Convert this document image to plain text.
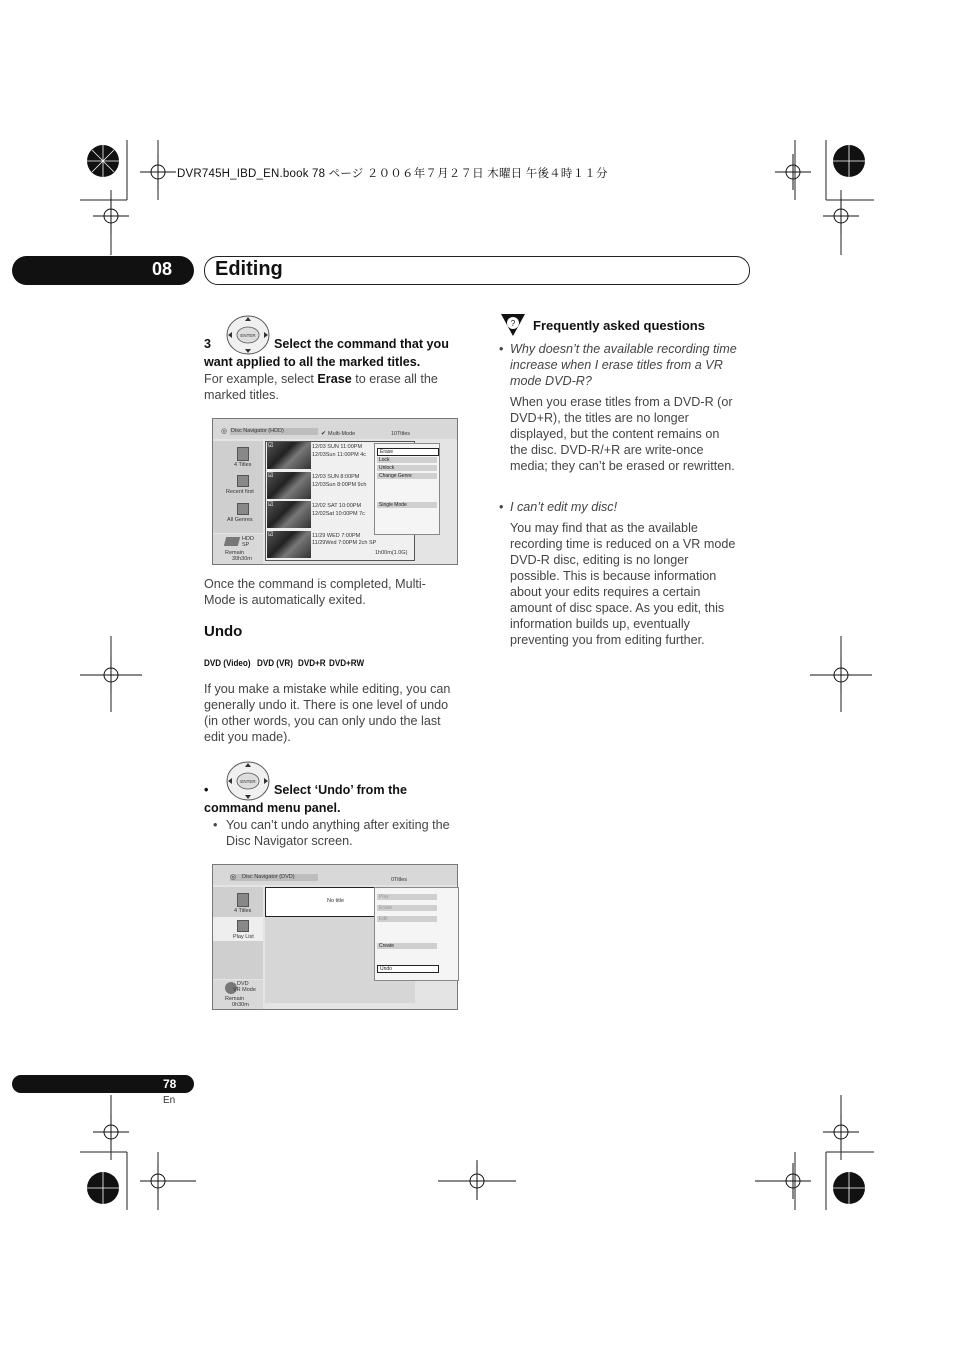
DVR745H_IBD_EN.book 78 ページ ２００６年７月２７日 木曜日 午後４時１１分
08 Editing
ENTER
3	Select the command that you
want applied to all the marked titles.
For example, select Erase to erase all the
marked titles.
Disc Navigator (HDD)
◎	✔ Multi-Mode	10Titles
4 Titles
Recent first
All Genres
HDD
SP
Remain
30h30m
☑
☑
☑
☑
12/03 SUN 11:00PM
12/03Sun 11:00PM 4c
12/03 SUN 8:00PM
12/03Sun 8:00PM 9ch
12/02 SAT 10:00PM
12/02Sat 10:00PM 7c
11/29 WED 7:00PM
11/29Wed 7:00PM 2ch SP
1h00m(1.0G)
Erase
Lock
Unlock
Change Genre
Single Mode
Once the command is completed, Multi-
Mode is automatically exited.
Undo
DVD (Video) DVD (VR) DVD+R DVD+RW
If you make a mistake while editing, you can
generally undo it. There is one level of undo
(in other words, you can only undo the last
edit you made).
ENTER
•	Select ‘Undo’ from the
command menu panel.
• You can’t undo anything after exiting the
Disc Navigator screen.
Disc Navigator (DVD)
◎	0Titles
4 Titles
Play List
DVD
VR Mode
Remain
0h30m
No title
Play
Erase
Edit
Create
Undo
? Frequently asked questions
• Why doesn’t the available recording time
increase when I erase titles from a VR
mode DVD-R?
When you erase titles from a DVD-R (or
DVD+R), the titles are no longer
displayed, but the content remains on
the disc. DVD-R/+R are write-once
media; they can’t be erased or rewritten.
• I can’t edit my disc!
You may find that as the available
recording time is reduced on a VR mode
DVD-R disc, editing is no longer
possible. This is because information
about your edits requires a certain
amount of disc space. As you edit, this
information builds up, eventually
preventing you from editing further.
78
En
